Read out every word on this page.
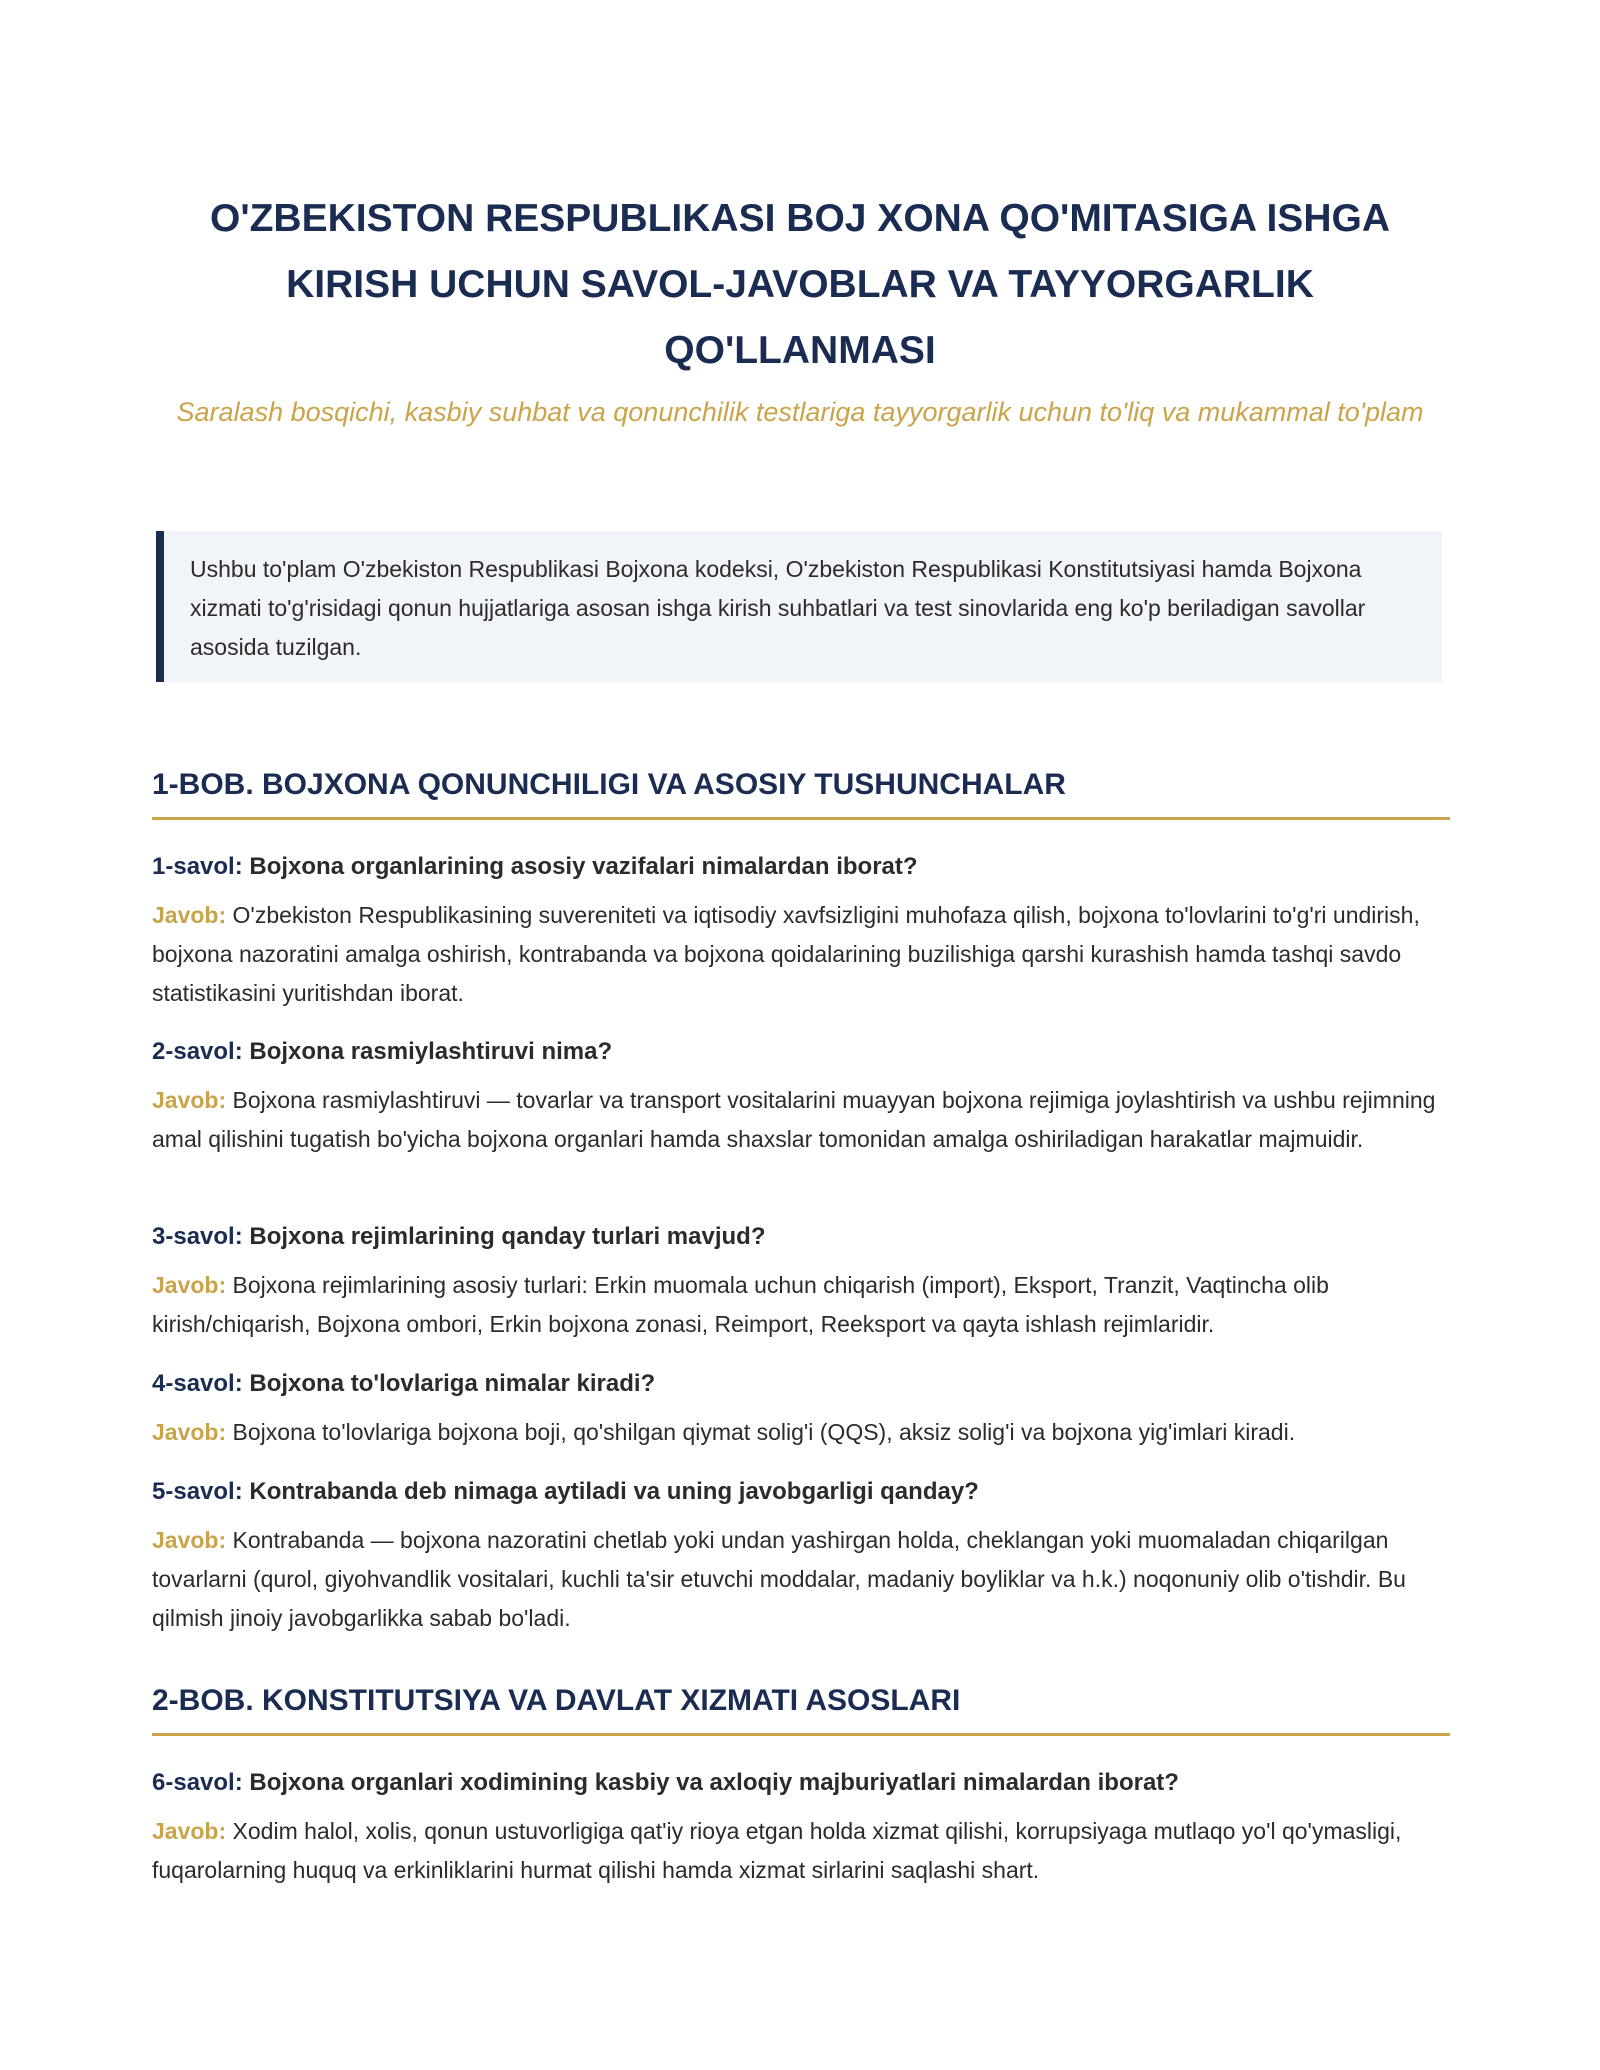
O'ZBEKISTON RESPUBLIKASI BOJ XONA QO'MITASIGA ISHGA KIRISH UCHUN SAVOL-JAVOBLAR VA TAYYORGARLIK QO'LLANMASI

Saralash bosqichi, kasbiy suhbat va qonunchilik testlariga tayyorgarlik uchun to'liq va mukammal to'plam

Ushbu to'plam O'zbekiston Respublikasi Bojxona kodeksi, O'zbekiston Respublikasi Konstitutsiyasi hamda Bojxona xizmati to'g'risidagi qonun hujjatlariga asosan ishga kirish suhbatlari va test sinovlarida eng ko'p beriladigan savollar asosida tuzilgan.

1-BOB. BOJXONA QONUNCHILIGI VA ASOSIY TUSHUNCHALAR

1-savol: Bojxona organlarining asosiy vazifalari nimalardan iborat?

Javob: O'zbekiston Respublikasining suvereniteti va iqtisodiy xavfsizligini muhofaza qilish, bojxona to'lovlarini to'g'ri undirish, bojxona nazoratini amalga oshirish, kontrabanda va bojxona qoidalarining buzilishiga qarshi kurashish hamda tashqi savdo statistikasini yuritishdan iborat.

2-savol: Bojxona rasmiylashtiruvi nima?

Javob: Bojxona rasmiylashtiruvi — tovarlar va transport vositalarini muayyan bojxona rejimiga joylashtirish va ushbu rejimning amal qilishini tugatish bo'yicha bojxona organlari hamda shaxslar tomonidan amalga oshiriladigan harakatlar majmuidir.

3-savol: Bojxona rejimlarining qanday turlari mavjud?

Javob: Bojxona rejimlarining asosiy turlari: Erkin muomala uchun chiqarish (import), Eksport, Tranzit, Vaqtincha olib kirish/chiqarish, Bojxona ombori, Erkin bojxona zonasi, Reimport, Reeksport va qayta ishlash rejimlaridir.

4-savol: Bojxona to'lovlariga nimalar kiradi?

Javob: Bojxona to'lovlariga bojxona boji, qo'shilgan qiymat solig'i (QQS), aksiz solig'i va bojxona yig'imlari kiradi.

5-savol: Kontrabanda deb nimaga aytiladi va uning javobgarligi qanday?

Javob: Kontrabanda — bojxona nazoratini chetlab yoki undan yashirgan holda, cheklangan yoki muomaladan chiqarilgan tovarlarni (qurol, giyohvandlik vositalari, kuchli ta'sir etuvchi moddalar, madaniy boyliklar va h.k.) noqonuniy olib o'tishdir. Bu qilmish jinoiy javobgarlikka sabab bo'ladi.

2-BOB. KONSTITUTSIYA VA DAVLAT XIZMATI ASOSLARI

6-savol: Bojxona organlari xodimining kasbiy va axloqiy majburiyatlari nimalardan iborat?

Javob: Xodim halol, xolis, qonun ustuvorligiga qat'iy rioya etgan holda xizmat qilishi, korrupsiyaga mutlaqo yo'l qo'ymasligi, fuqarolarning huquq va erkinliklarini hurmat qilishi hamda xizmat sirlarini saqlashi shart.
